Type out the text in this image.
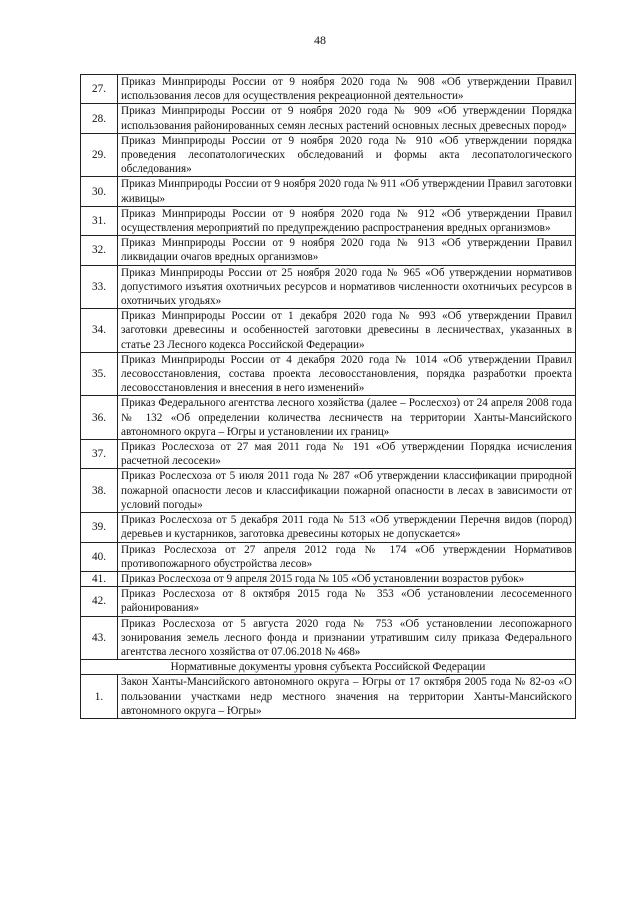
48
27.	Приказ Минприроды России от 9 ноября 2020 года № 908 «Об утверждении Правил использования лесов для осуществления рекреационной деятельности»
28.	Приказ Минприроды России от 9 ноября 2020 года № 909 «Об утверждении Порядка использования районированных семян лесных растений основных лесных древесных пород»
29.	Приказ Минприроды России от 9 ноября 2020 года № 910 «Об утверждении порядка проведения лесопатологических обследований и формы акта лесопатологического обследования»
30.	Приказ Минприроды России от 9 ноября 2020 года № 911 «Об утверждении Правил заготовки живицы»
31.	Приказ Минприроды России от 9 ноября 2020 года № 912 «Об утверждении Правил осуществления мероприятий по предупреждению распространения вредных организмов»
32.	Приказ Минприроды России от 9 ноября 2020 года № 913 «Об утверждении Правил ликвидации очагов вредных организмов»
33.	Приказ Минприроды России от 25 ноября 2020 года № 965 «Об утверждении нормативов допустимого изъятия охотничьих ресурсов и нормативов численности охотничьих ресурсов в охотничьих угодьях»
34.	Приказ Минприроды России от 1 декабря 2020 года № 993 «Об утверждении Правил заготовки древесины и особенностей заготовки древесины в лесничествах, указанных в статье 23 Лесного кодекса Российской Федерации»
35.	Приказ Минприроды России от 4 декабря 2020 года № 1014 «Об утверждении Правил лесовосстановления, состава проекта лесовосстановления, порядка разработки проекта лесовосстановления и внесения в него изменений»
36.	Приказ Федерального агентства лесного хозяйства (далее – Рослесхоз) от 24 апреля 2008 года № 132 «Об определении количества лесничеств на территории Ханты-Мансийского автономного округа – Югры и установлении их границ»
37.	Приказ Рослесхоза от 27 мая 2011 года № 191 «Об утверждении Порядка исчисления расчетной лесосеки»
38.	Приказ Рослесхоза от 5 июля 2011 года № 287 «Об утверждении классификации природной пожарной опасности лесов и классификации пожарной опасности в лесах в зависимости от условий погоды»
39.	Приказ Рослесхоза от 5 декабря 2011 года № 513 «Об утверждении Перечня видов (пород) деревьев и кустарников, заготовка древесины которых не допускается»
40.	Приказ Рослесхоза от 27 апреля 2012 года № 174 «Об утверждении Нормативов противопожарного обустройства лесов»
41.	Приказ Рослесхоза от 9 апреля 2015 года № 105 «Об установлении возрастов рубок»
42.	Приказ Рослесхоза от 8 октября 2015 года № 353 «Об установлении лесосеменного районирования»
43.	Приказ Рослесхоза от 5 августа 2020 года № 753 «Об установлении лесопожарного зонирования земель лесного фонда и признании утратившим силу приказа Федерального агентства лесного хозяйства от 07.06.2018 № 468»
Нормативные документы уровня субъекта Российской Федерации	
1.	Закон Ханты-Мансийского автономного округа – Югры от 17 октября 2005 года № 82-оз «О пользовании участками недр местного значения на территории Ханты-Мансийского автономного округа – Югры»
